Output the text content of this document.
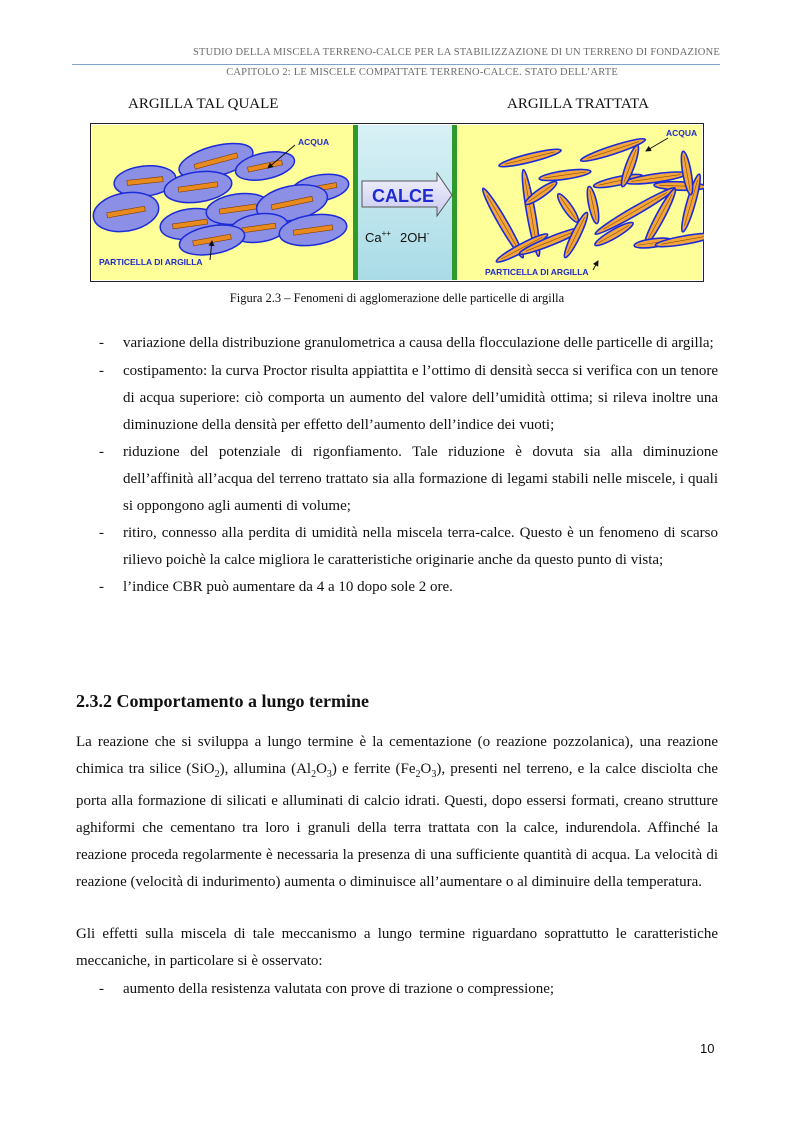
STUDIO DELLA MISCELA TERRENO-CALCE PER LA STABILIZZAZIONE DI UN TERRENO DI FONDAZIONE
CAPITOLO 2: LE MISCELE COMPATTATE TERRENO-CALCE. STATO DELL’ARTE
ARGILLA TAL QUALE	ARGILLA TRATTATA
ACQUA
PARTICELLA DI ARGILLA
CALCE
Ca++ 2OH-
ACQUA
PARTICELLA DI ARGILLA
Figura 2.3 – Fenomeni di agglomerazione delle particelle di argilla
- variazione della distribuzione granulometrica a causa della flocculazione delle particelle di argilla;
- costipamento: la curva Proctor risulta appiattita e l’ottimo di densità secca si verifica con un tenore di acqua superiore: ciò comporta un aumento del valore dell’umidità ottima; si rileva inoltre una diminuzione della densità per effetto dell’aumento dell’indice dei vuoti;
- riduzione del potenziale di rigonfiamento. Tale riduzione è dovuta sia alla diminuzione dell’affinità all’acqua del terreno trattato sia alla formazione di legami stabili nelle miscele, i quali si oppongono agli aumenti di volume;
- ritiro, connesso alla perdita di umidità nella miscela terra-calce. Questo è un fenomeno di scarso rilievo poichè la calce migliora le caratteristiche originarie anche da questo punto di vista;
- l’indice CBR può aumentare da 4 a 10 dopo sole 2 ore.
2.3.2 Comportamento a lungo termine

La reazione che si sviluppa a lungo termine è la cementazione (o reazione pozzolanica), una reazione chimica tra silice (SiO$_2$), allumina $(Al_2O_3)$ e ferrite $(Fe_2O_3)$, presenti nel terreno, e la calce disciolta che porta alla formazione di silicati e alluminati di calcio idrati. Questi, dopo essersi formati, creano strutture aghiformi che cementano tra loro i granuli della terra trattata con la calce, indurendola. Affinché la reazione proceda regolarmente è necessaria la presenza di una sufficiente quantità di acqua. La velocità di reazione (velocità di indurimento) aumenta o diminuisce all’aumentare o al diminuire della temperatura.

Gli effetti sulla miscela di tale meccanismo a lungo termine riguardano soprattutto le caratteristiche meccaniche, in particolare si è osservato:

- aumento della resistenza valutata con prove di trazione o compressione;
10
